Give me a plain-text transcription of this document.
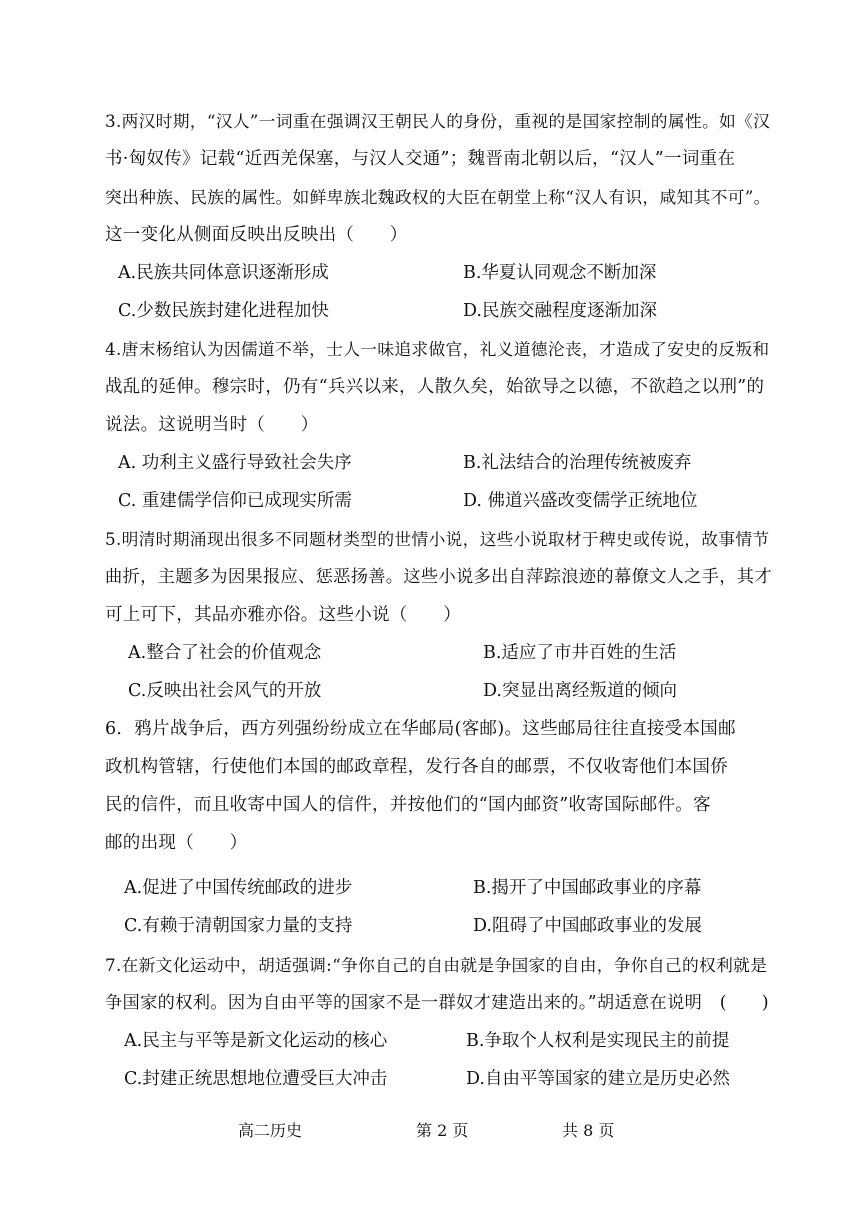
3.两汉时期，“汉人”一词重在强调汉王朝民人的身份，重视的是国家控制的属性。如《汉
书·匈奴传》记载“近西羌保塞，与汉人交通”；魏晋南北朝以后，“汉人”一词重在
突出种族、民族的属性。如鲜卑族北魏政权的大臣在朝堂上称“汉人有识，咸知其不可”。
这一变化从侧面反映出反映出（　　）
A.民族共同体意识逐渐形成	B.华夏认同观念不断加深
C.少数民族封建化进程加快	D.民族交融程度逐渐加深
4.唐末杨绾认为因儒道不举，士人一味追求做官，礼义道德沦丧，才造成了安史的反叛和
战乱的延伸。穆宗时，仍有“兵兴以来，人散久矣，始欲导之以德，不欲趋之以刑”的
说法。这说明当时（　　）
A. 功利主义盛行导致社会失序	B.礼法结合的治理传统被废弃
C. 重建儒学信仰已成现实所需	D. 佛道兴盛改变儒学正统地位
5.明清时期涌现出很多不同题材类型的世情小说，这些小说取材于稗史或传说，故事情节
曲折，主题多为因果报应、惩恶扬善。这些小说多出自萍踪浪迹的幕僚文人之手，其才
可上可下，其品亦雅亦俗。这些小说（　　）
A.整合了社会的价值观念	B.适应了市井百姓的生活
C.反映出社会风气的开放	D.突显出离经叛道的倾向
6．鸦片战争后，西方列强纷纷成立在华邮局(客邮)。这些邮局往往直接受本国邮
政机构管辖，行使他们本国的邮政章程，发行各自的邮票，不仅收寄他们本国侨
民的信件，而且收寄中国人的信件，并按他们的“国内邮资”收寄国际邮件。客
邮的出现（　　）
A.促进了中国传统邮政的进步	B.揭开了中国邮政事业的序幕
C.有赖于清朝国家力量的支持	D.阻碍了中国邮政事业的发展
7.在新文化运动中，胡适强调:“争你自己的自由就是争国家的自由，争你自己的权利就是
争国家的权利。因为自由平等的国家不是一群奴才建造出来的。”胡适意在说明　(　　)
A.民主与平等是新文化运动的核心	B.争取个人权利是实现民主的前提
C.封建正统思想地位遭受巨大冲击	D.自由平等国家的建立是历史必然
高二历史	第 2 页	共 8 页
